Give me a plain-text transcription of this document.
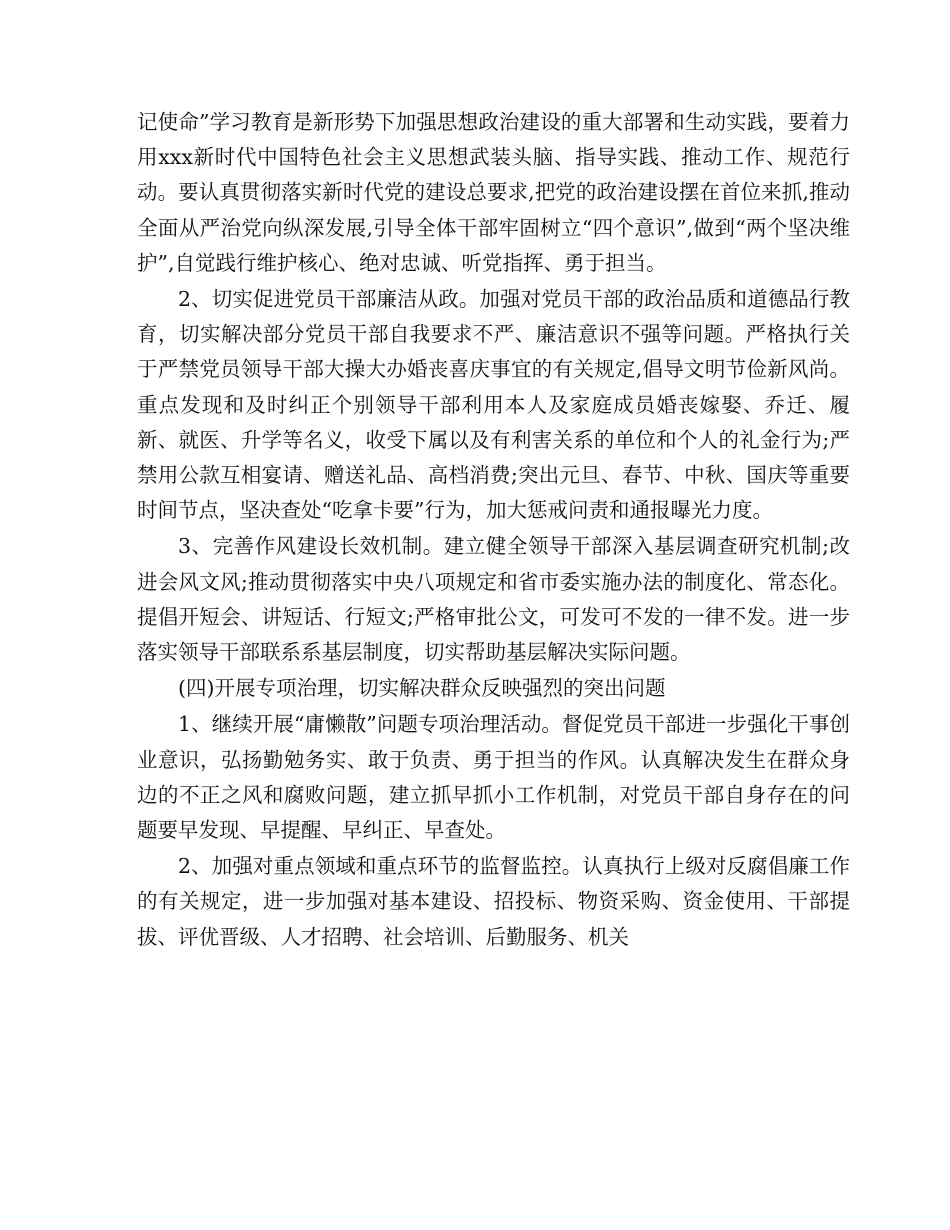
记使命”学习教育是新形势下加强思想政治建设的重大部署和生动实践，要着力用xxx新时代中国特色社会主义思想武装头脑、指导实践、推动工作、规范行动。要认真贯彻落实新时代党的建设总要求,把党的政治建设摆在首位来抓,推动全面从严治党向纵深发展,引导全体干部牢固树立“四个意识”,做到“两个坚决维护”,自觉践行维护核心、绝对忠诚、听党指挥、勇于担当。

2、切实促进党员干部廉洁从政。加强对党员干部的政治品质和道德品行教育，切实解决部分党员干部自我要求不严、廉洁意识不强等问题。严格执行关于严禁党员领导干部大操大办婚丧喜庆事宜的有关规定,倡导文明节俭新风尚。重点发现和及时纠正个别领导干部利用本人及家庭成员婚丧嫁娶、乔迁、履新、就医、升学等名义，收受下属以及有利害关系的单位和个人的礼金行为;严禁用公款互相宴请、赠送礼品、高档消费;突出元旦、春节、中秋、国庆等重要时间节点，坚决查处“吃拿卡要”行为，加大惩戒问责和通报曝光力度。

3、完善作风建设长效机制。建立健全领导干部深入基层调查研究机制;改进会风文风;推动贯彻落实中央八项规定和省市委实施办法的制度化、常态化。提倡开短会、讲短话、行短文;严格审批公文，可发可不发的一律不发。进一步落实领导干部联系系基层制度，切实帮助基层解决实际问题。

(四)开展专项治理，切实解决群众反映强烈的突出问题

1、继续开展“庸懒散”问题专项治理活动。督促党员干部进一步强化干事创业意识，弘扬勤勉务实、敢于负责、勇于担当的作风。认真解决发生在群众身边的不正之风和腐败问题，建立抓早抓小工作机制，对党员干部自身存在的问题要早发现、早提醒、早纠正、早查处。

2、加强对重点领域和重点环节的监督监控。认真执行上级对反腐倡廉工作的有关规定，进一步加强对基本建设、招投标、物资采购、资金使用、干部提拔、评优晋级、人才招聘、社会培训、后勤服务、机关
